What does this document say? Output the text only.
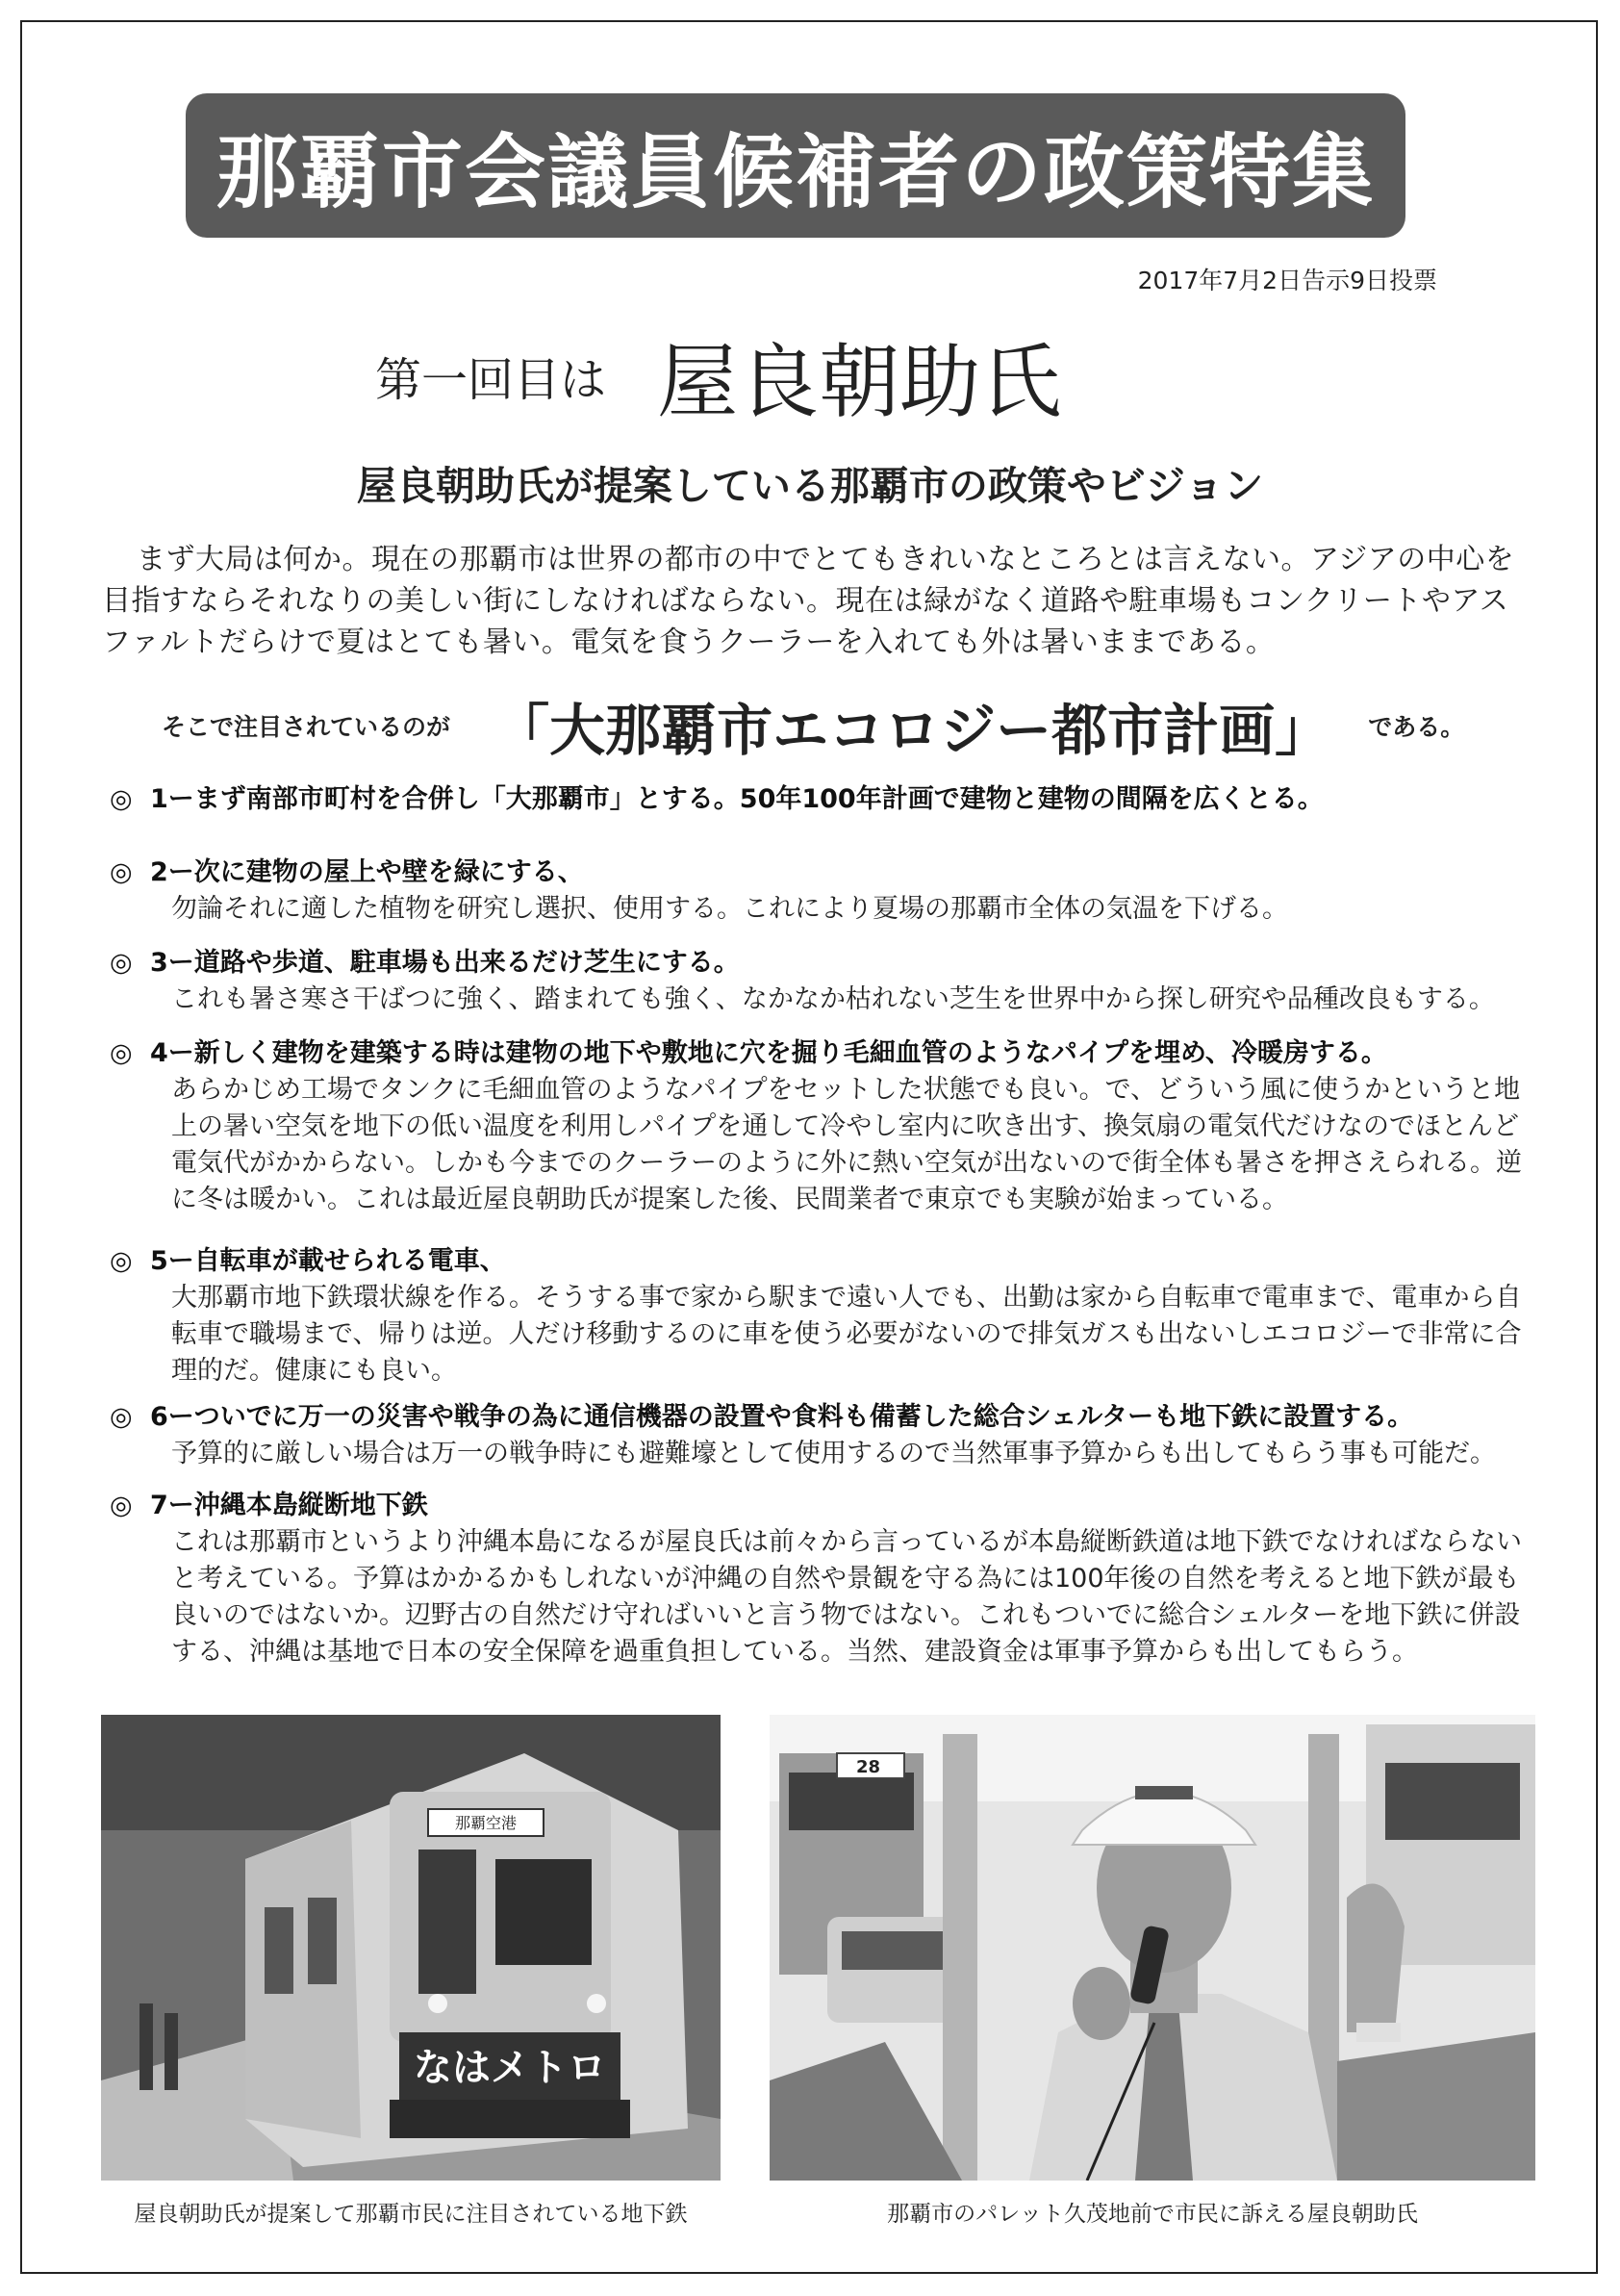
那覇市会議員候補者の政策特集
2017年7月2日告示9日投票
第一回目は 屋良朝助氏
屋良朝助氏が提案している那覇市の政策やビジョン
まず大局は何か。現在の那覇市は世界の都市の中でとてもきれいなところとは言えない。アジアの中心を目指すならそれなりの美しい街にしなければならない。現在は緑がなく道路や駐車場もコンクリートやアスファルトだらけで夏はとても暑い。電気を食うクーラーを入れても外は暑いままである。
そこで注目されているのが 「大那覇市エコロジー都市計画」 である。
◎ 1ーまず南部市町村を合併し「大那覇市」とする。50年100年計画で建物と建物の間隔を広くとる。
◎ 2ー次に建物の屋上や壁を緑にする、
勿論それに適した植物を研究し選択、使用する。これにより夏場の那覇市全体の気温を下げる。
◎ 3ー道路や歩道、駐車場も出来るだけ芝生にする。
これも暑さ寒さ干ばつに強く、踏まれても強く、なかなか枯れない芝生を世界中から探し研究や品種改良もする。
◎ 4ー新しく建物を建築する時は建物の地下や敷地に穴を掘り毛細血管のようなパイプを埋め、冷暖房する。
あらかじめ工場でタンクに毛細血管のようなパイプをセットした状態でも良い。で、どういう風に使うかというと地上の暑い空気を地下の低い温度を利用しパイプを通して冷やし室内に吹き出す、換気扇の電気代だけなのでほとんど電気代がかからない。しかも今までのクーラーのように外に熱い空気が出ないので街全体も暑さを押さえられる。逆に冬は暖かい。これは最近屋良朝助氏が提案した後、民間業者で東京でも実験が始まっている。
◎ 5ー自転車が載せられる電車、
大那覇市地下鉄環状線を作る。そうする事で家から駅まで遠い人でも、出勤は家から自転車で電車まで、電車から自転車で職場まで、帰りは逆。人だけ移動するのに車を使う必要がないので排気ガスも出ないしエコロジーで非常に合理的だ。健康にも良い。
◎ 6ーついでに万一の災害や戦争の為に通信機器の設置や食料も備蓄した総合シェルターも地下鉄に設置する。
予算的に厳しい場合は万一の戦争時にも避難壕として使用するので当然軍事予算からも出してもらう事も可能だ。
◎ 7ー沖縄本島縦断地下鉄
これは那覇市というより沖縄本島になるが屋良氏は前々から言っているが本島縦断鉄道は地下鉄でなければならないと考えている。予算はかかるかもしれないが沖縄の自然や景観を守る為には100年後の自然を考えると地下鉄が最も良いのではないか。辺野古の自然だけ守ればいいと言う物ではない。これもついでに総合シェルターを地下鉄に併設する、沖縄は基地で日本の安全保障を過重負担している。当然、建設資金は軍事予算からも出してもらう。
那覇空港
なはメトロ
屋良朝助氏が提案して那覇市民に注目されている地下鉄
28
那覇市のパレット久茂地前で市民に訴える屋良朝助氏
